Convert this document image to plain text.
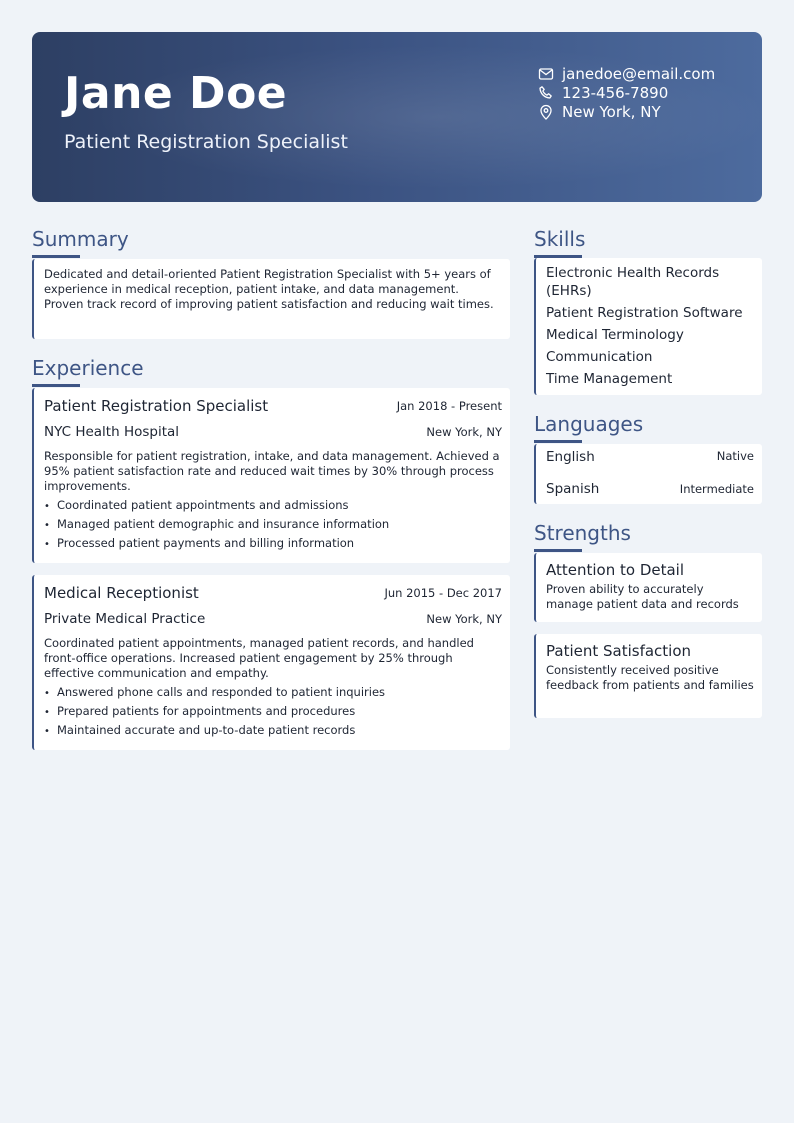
Jane Doe
Patient Registration Specialist
janedoe@email.com
123-456-7890
New York, NY
Summary
Dedicated and detail-oriented Patient Registration Specialist with 5+ years of experience in medical reception, patient intake, and data management. Proven track record of improving patient satisfaction and reducing wait times.
Experience
Patient Registration Specialist	Jan 2018 - Present
NYC Health Hospital	New York, NY
Responsible for patient registration, intake, and data management. Achieved a 95% patient satisfaction rate and reduced wait times by 30% through process improvements.
• Coordinated patient appointments and admissions
• Managed patient demographic and insurance information
• Processed patient payments and billing information
Medical Receptionist	Jun 2015 - Dec 2017
Private Medical Practice	New York, NY
Coordinated patient appointments, managed patient records, and handled front-office operations. Increased patient engagement by 25% through effective communication and empathy.
• Answered phone calls and responded to patient inquiries
• Prepared patients for appointments and procedures
• Maintained accurate and up-to-date patient records
Skills
Electronic Health Records (EHRs)
Patient Registration Software
Medical Terminology
Communication
Time Management
Languages
English	Native
Spanish	Intermediate
Strengths
Attention to Detail
Proven ability to accurately manage patient data and records
Patient Satisfaction
Consistently received positive feedback from patients and families
